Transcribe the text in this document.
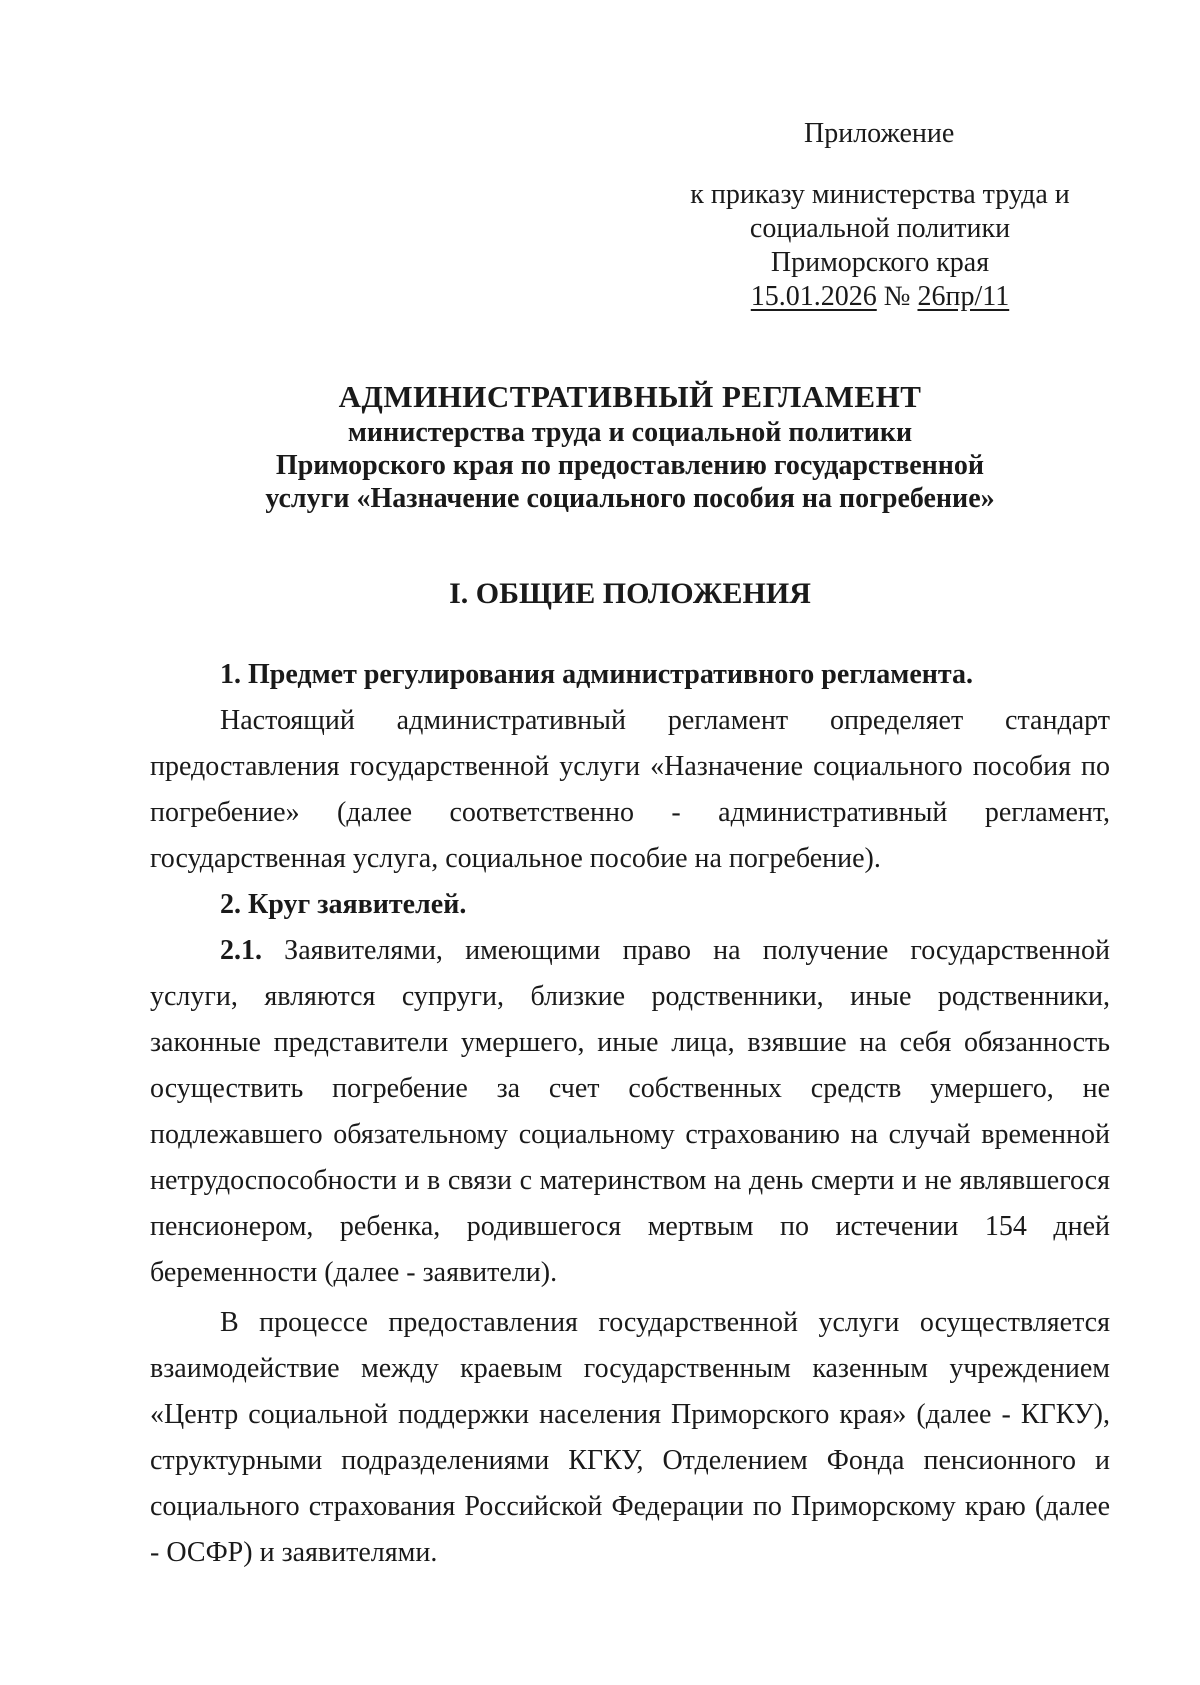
Приложение
к приказу министерства труда и
социальной политики
Приморского края
15.01.2026 № 26пр/11
АДМИНИСТРАТИВНЫЙ РЕГЛАМЕНТ
министерства труда и социальной политики
Приморского края по предоставлению государственной
услуги «Назначение социального пособия на погребение»
I. ОБЩИЕ ПОЛОЖЕНИЯ

1. Предмет регулирования административного регламента.

Настоящий административный регламент определяет стандарт предоставления государственной услуги «Назначение социального пособия по погребение» (далее соответственно - административный регламент, государственная услуга, социальное пособие на погребение).

2. Круг заявителей.

2.1. Заявителями, имеющими право на получение государственной услуги, являются супруги, близкие родственники, иные родственники, законные представители умершего, иные лица, взявшие на себя обязанность осуществить погребение за счет собственных средств умершего, не подлежавшего обязательному социальному страхованию на случай временной нетрудоспособности и в связи с материнством на день смерти и не являвшегося пенсионером, ребенка, родившегося мертвым по истечении 154 дней беременности (далее - заявители).

В процессе предоставления государственной услуги осуществляется взаимодействие между краевым государственным казенным учреждением «Центр социальной поддержки населения Приморского края» (далее - КГКУ), структурными подразделениями КГКУ, Отделением Фонда пенсионного и социального страхования Российской Федерации по Приморскому краю (далее - ОСФР) и заявителями.
